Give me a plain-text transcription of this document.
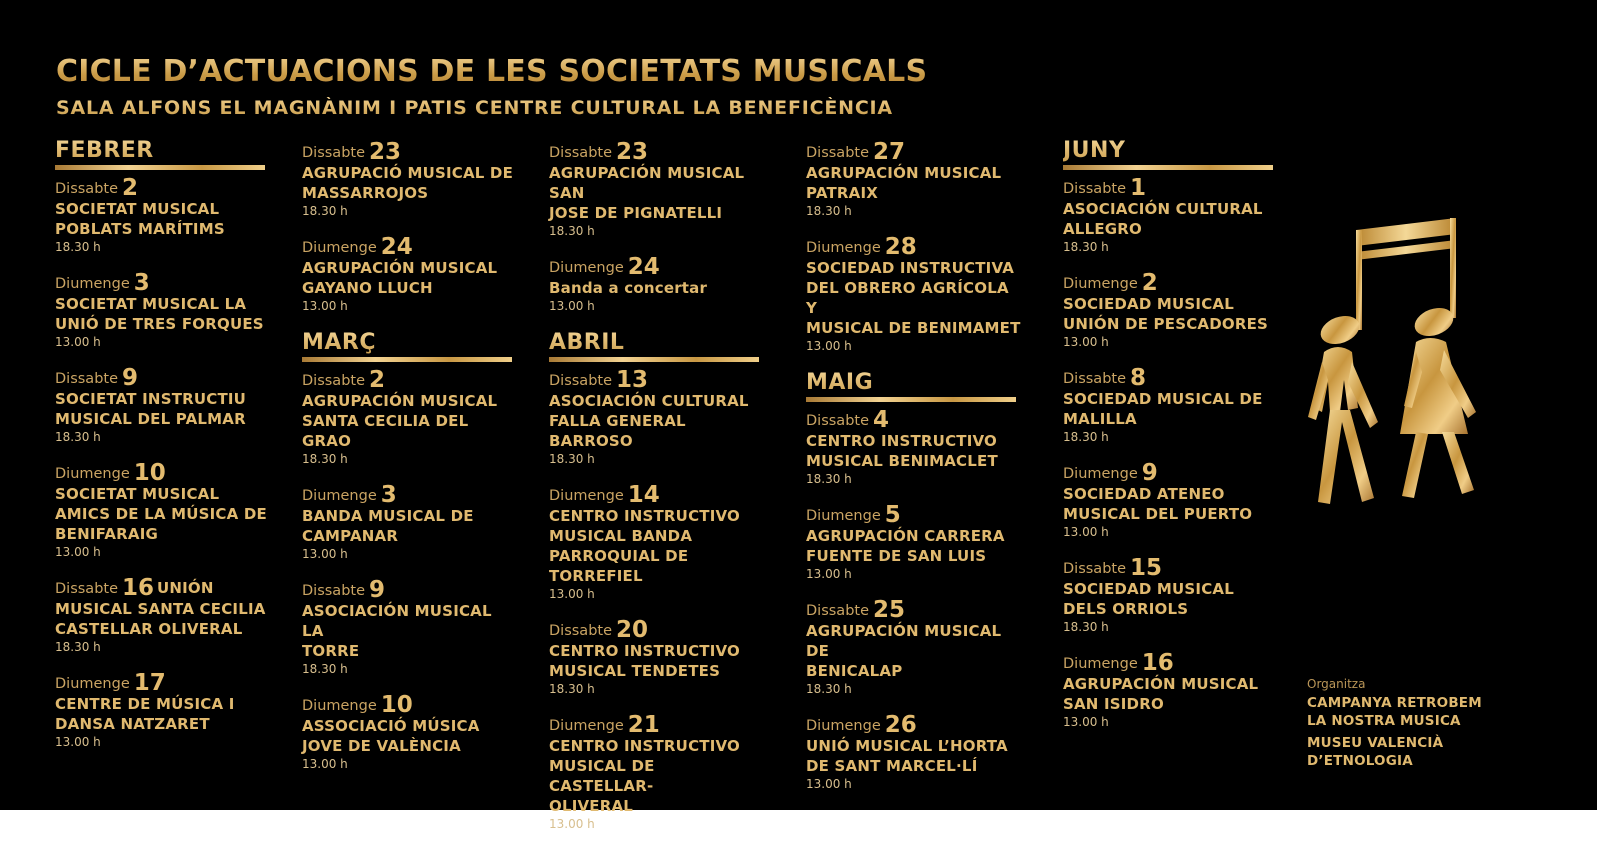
CICLE D’ACTUACIONS DE LES SOCIETATS MUSICALS
SALA ALFONS EL MAGNÀNIM I PATIS CENTRE CULTURAL LA BENEFICÈNCIA
FEBRER
Dissabte 2
SOCIETAT MUSICAL
POBLATS MARÍTIMS
18.30 h
Diumenge 3
SOCIETAT MUSICAL LA
UNIÓ DE TRES FORQUES
13.00 h
Dissabte 9
SOCIETAT INSTRUCTIU
MUSICAL DEL PALMAR
18.30 h
Diumenge 10
SOCIETAT MUSICAL
AMICS DE LA MÚSICA DE
BENIFARAIG
13.00 h
Dissabte 16 UNIÓN
MUSICAL SANTA CECILIA
CASTELLAR OLIVERAL
18.30 h
Diumenge 17
CENTRE DE MÚSICA I
DANSA NATZARET
13.00 h
Dissabte 23
AGRUPACIÓ MUSICAL DE
MASSARROJOS
18.30 h
Diumenge 24
AGRUPACIÓN MUSICAL
GAYANO LLUCH
13.00 h
MARÇ
Dissabte 2
AGRUPACIÓN MUSICAL
SANTA CECILIA DEL GRAO
18.30 h
Diumenge 3
BANDA MUSICAL DE
CAMPANAR
13.00 h
Dissabte 9
ASOCIACIÓN MUSICAL LA
TORRE
18.30 h
Diumenge 10
ASSOCIACIÓ MÚSICA
JOVE DE VALÈNCIA
13.00 h
Dissabte 23
AGRUPACIÓN MUSICAL SAN
JOSE DE PIGNATELLI
18.30 h
Diumenge 24
Banda a concertar
13.00 h
ABRIL
Dissabte 13
ASOCIACIÓN CULTURAL
FALLA GENERAL BARROSO
18.30 h
Diumenge 14
CENTRO INSTRUCTIVO
MUSICAL BANDA
PARROQUIAL DE TORREFIEL
13.00 h
Dissabte 20
CENTRO INSTRUCTIVO
MUSICAL TENDETES
18.30 h
Diumenge 21
CENTRO INSTRUCTIVO
MUSICAL DE CASTELLAR-
OLIVERAL
13.00 h
Dissabte 27
AGRUPACIÓN MUSICAL
PATRAIX
18.30 h
Diumenge 28
SOCIEDAD INSTRUCTIVA
DEL OBRERO AGRÍCOLA Y
MUSICAL DE BENIMAMET
13.00 h
MAIG
Dissabte 4
CENTRO INSTRUCTIVO
MUSICAL BENIMACLET
18.30 h
Diumenge 5
AGRUPACIÓN CARRERA
FUENTE DE SAN LUIS
13.00 h
Dissabte 25
AGRUPACIÓN MUSICAL DE
BENICALAP
18.30 h
Diumenge 26
UNIÓ MUSICAL L’HORTA
DE SANT MARCEL·LÍ
13.00 h
JUNY
Dissabte 1
ASOCIACIÓN CULTURAL
ALLEGRO
18.30 h
Diumenge 2
SOCIEDAD MUSICAL
UNIÓN DE PESCADORES
13.00 h
Dissabte 8
SOCIEDAD MUSICAL DE
MALILLA
18.30 h
Diumenge 9
SOCIEDAD ATENEO
MUSICAL DEL PUERTO
13.00 h
Dissabte 15
SOCIEDAD MUSICAL
DELS ORRIOLS
18.30 h
Diumenge 16
AGRUPACIÓN MUSICAL
SAN ISIDRO
13.00 h
Organitza
CAMPANYA RETROBEM
LA NOSTRA MUSICA
MUSEU VALENCIÀ
D’ETNOLOGIA
